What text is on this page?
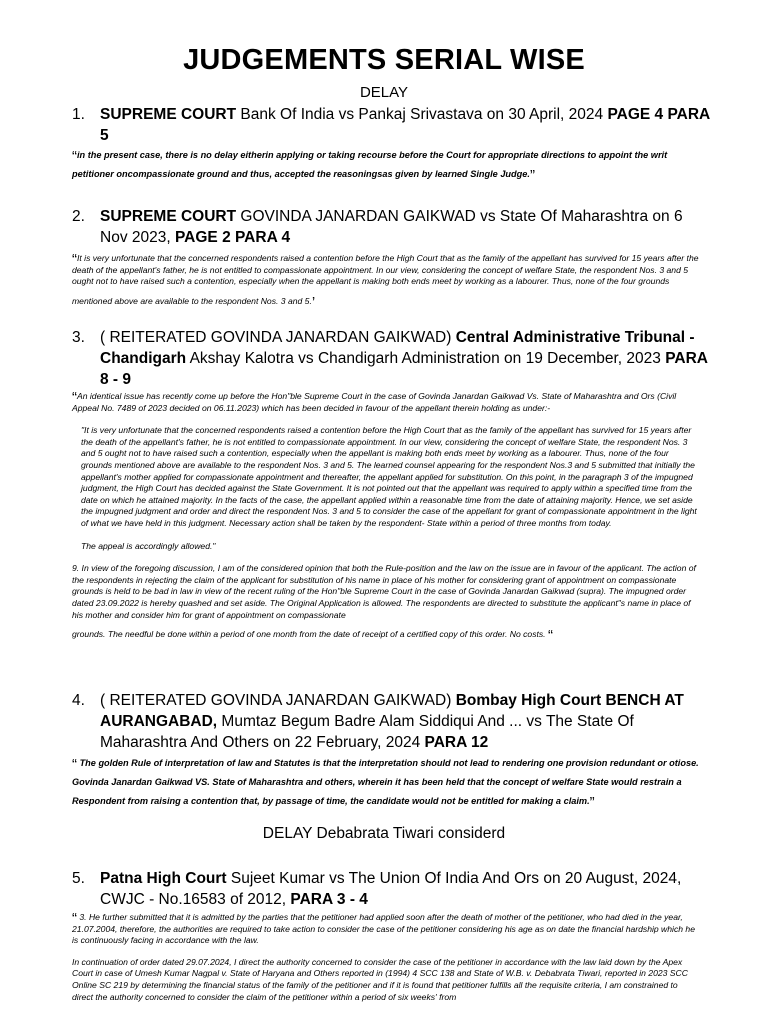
JUDGEMENTS SERIAL WISE
DELAY
1. SUPREME COURT Bank Of India vs Pankaj Srivastava on 30 April, 2024 PAGE 4 PARA 5
“in the present case, there is no delay eitherin applying or taking recourse before the Court for appropriate directions to appoint the writ petitioner oncompassionate ground and thus, accepted the reasoningsas given by learned Single Judge.”
2. SUPREME COURT GOVINDA JANARDAN GAIKWAD vs State Of Maharashtra on 6 Nov 2023, PAGE 2 PARA 4

“It is very unfortunate that the concerned respondents raised a contention before the High Court that as the family of the appellant has survived for 15 years after the death of the appellant's father, he is not entitled to compassionate appointment. In our view, considering the concept of welfare State, the respondent Nos. 3 and 5 ought not to have raised such a contention, especially when the appellant is making both ends meet by working as a labourer. Thus, none of the four grounds

mentioned above are available to the respondent Nos. 3 and 5.’

3. ( REITERATED GOVINDA JANARDAN GAIKWAD) Central Administrative Tribunal - Chandigarh Akshay Kalotra vs Chandigarh Administration on 19 December, 2023 PARA 8 - 9

“An identical issue has recently come up before the Hon"ble Supreme Court in the case of Govinda Janardan Gaikwad Vs. State of Maharashtra and Ors (Civil Appeal No. 7489 of 2023 decided on 06.11.2023) which has been decided in favour of the appellant therein holding as under:-

"It is very unfortunate that the concerned respondents raised a contention before the High Court that as the family of the appellant has survived for 15 years after the death of the appellant's father, he is not entitled to compassionate appointment. In our view, considering the concept of welfare State, the respondent Nos. 3 and 5 ought not to have raised such a contention, especially when the appellant is making both ends meet by working as a labourer. Thus, none of the four grounds mentioned above are available to the respondent Nos. 3 and 5. The learned counsel appearing for the respondent Nos.3 and 5 submitted that initially the appellant's mother applied for compassionate appointment and thereafter, the appellant applied for substitution. On this point, in the paragraph 3 of the impugned judgment, the High Court has decided against the State Government. It is not pointed out that the appellant was required to apply within a specified time from the date on which he attained majority. In the facts of the case, the appellant applied within a reasonable time from the date of attaining majority. Hence, we set aside the impugned judgment and order and direct the respondent Nos. 3 and 5 to consider the case of the appellant for grant of compassionate appointment in the light of what we have held in this judgment. Necessary action shall be taken by the respondent- State within a period of three months from today.

The appeal is accordingly allowed."

9. In view of the foregoing discussion, I am of the considered opinion that both the Rule-position and the law on the issue are in favour of the applicant. The action of the respondents in rejecting the claim of the applicant for substitution of his name in place of his mother for considering grant of appointment on compassionate grounds is held to be bad in law in view of the recent ruling of the Hon"ble Supreme Court in the case of Govinda Janardan Gaikwad (supra). The impugned order dated 23.09.2022 is hereby quashed and set aside. The Original Application is allowed. The respondents are directed to substitute the applicant"s name in place of his mother and consider him for grant of appointment on compassionate

grounds. The needful be done within a period of one month from the date of receipt of a certified copy of this order. No costs. “

4. ( REITERATED GOVINDA JANARDAN GAIKWAD) Bombay High Court BENCH AT AURANGABAD, Mumtaz Begum Badre Alam Siddiqui And ... vs The State Of Maharashtra And Others on 22 February, 2024 PARA 12
“ The golden Rule of interpretation of law and Statutes is that the interpretation should not lead to rendering one provision redundant or otiose. Govinda Janardan Gaikwad VS. State of Maharashtra and others, wherein it has been held that the concept of welfare State would restrain a Respondent from raising a contention that, by passage of time, the candidate would not be entitled for making a claim.”
DELAY Debabrata Tiwari considerd
5. Patna High Court Sujeet Kumar vs The Union Of India And Ors on 20 August, 2024, CWJC - No.16583 of 2012, PARA 3 - 4

“ 3. He further submitted that it is admitted by the parties that the petitioner had applied soon after the death of mother of the petitioner, who had died in the year, 21.07.2004, therefore, the authorities are required to take action to consider the case of the petitioner considering his age as on date the financial hardship which he is continuously facing in accordance with the law.

In continuation of order dated 29.07.2024, I direct the authority concerned to consider the case of the petitioner in accordance with the law laid down by the Apex Court in case of Umesh Kumar Nagpal v. State of Haryana and Others reported in (1994) 4 SCC 138 and State of W.B. v. Debabrata Tiwari, reported in 2023 SCC Online SC 219 by determining the financial status of the family of the petitioner and if it is found that petitioner fulfills all the requisite criteria, I am constrained to direct the authority concerned to consider the claim of the petitioner within a period of six weeks' from
